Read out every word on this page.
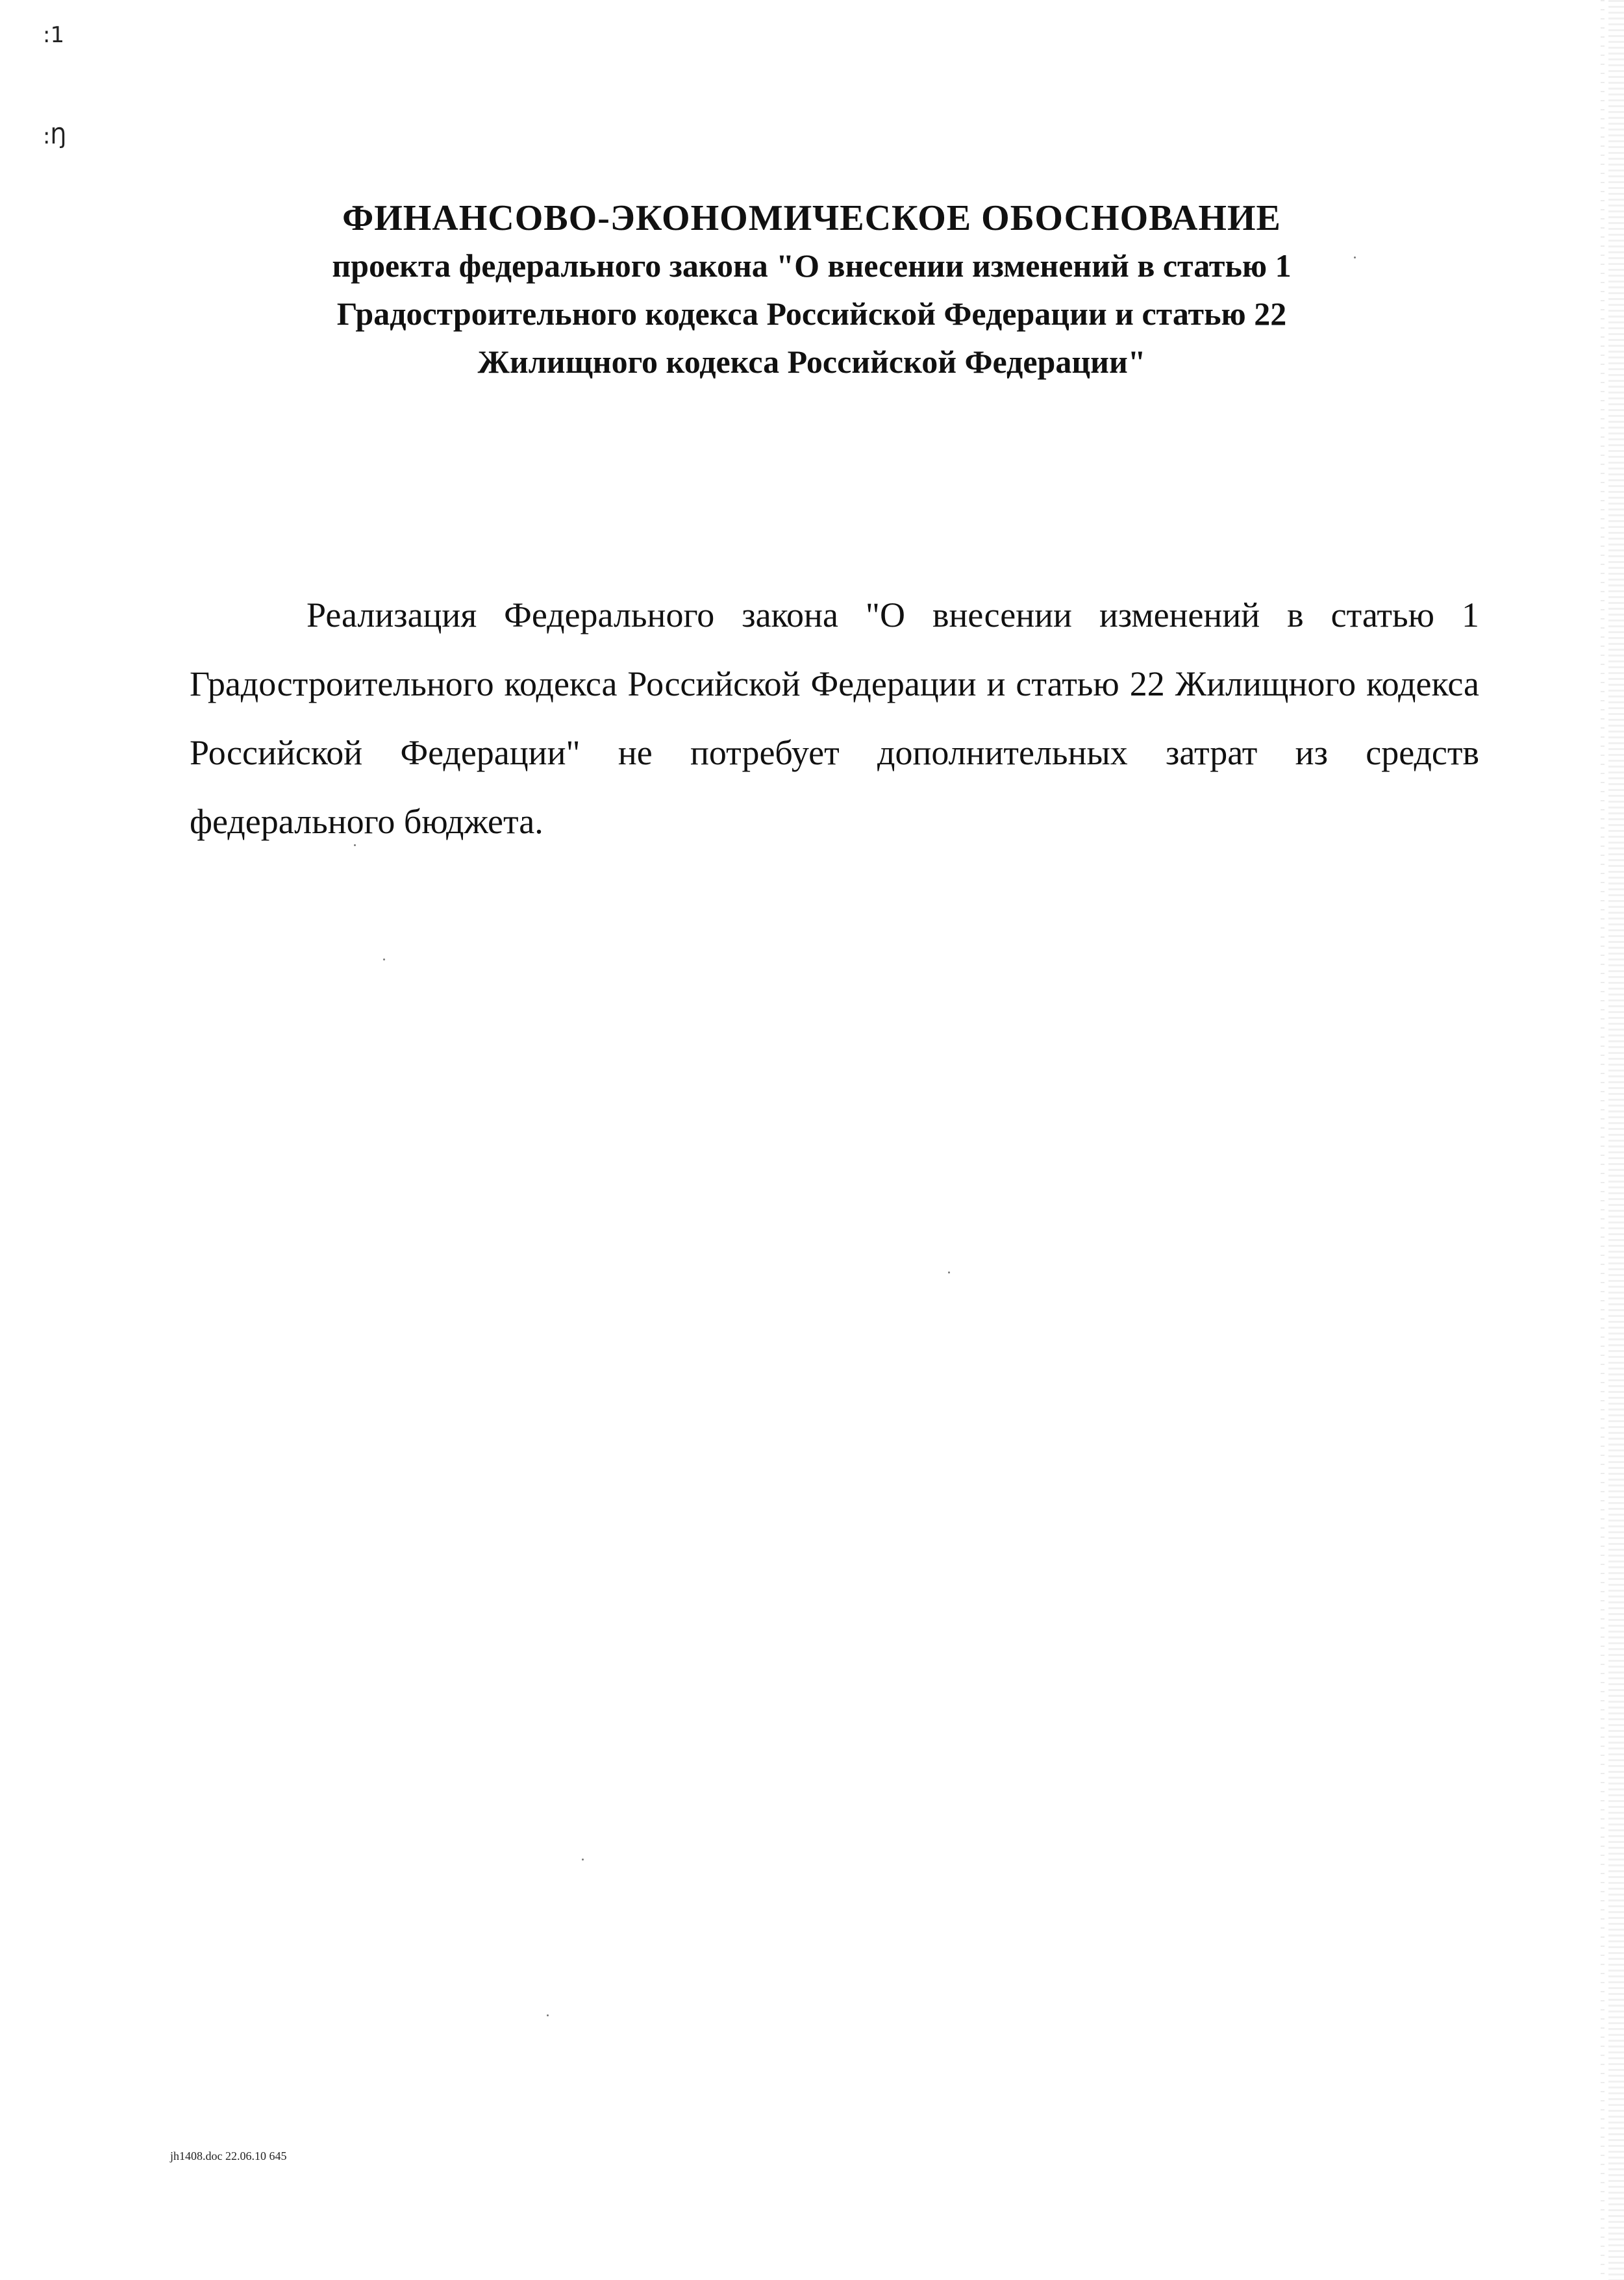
:1
:Ŋ
ФИНАНСОВО-ЭКОНОМИЧЕСКОЕ ОБОСНОВАНИЕ
проекта федерального закона "О внесении изменений в статью 1
Градостроительного кодекса Российской Федерации и статью 22
Жилищного кодекса Российской Федерации"

Реализация Федерального закона "О внесении изменений в статью 1 Градостроительного кодекса Российской Федерации и статью 22 Жилищного кодекса Российской Федерации" не потребует дополнительных затрат из средств федерального бюджета.

jh1408.doc 22.06.10 645
